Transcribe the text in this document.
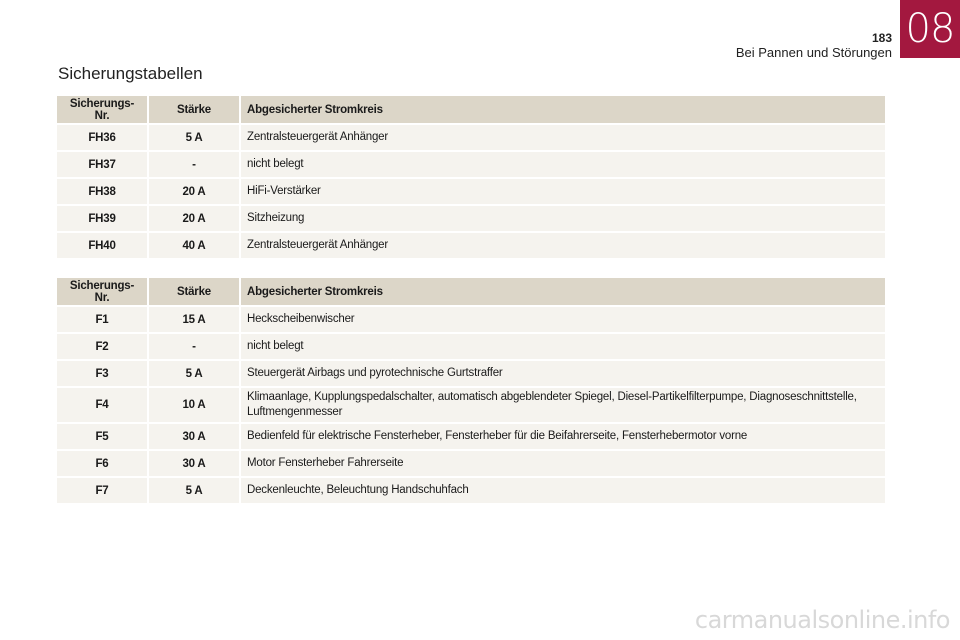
183
Bei Pannen und Störungen
08
Sicherungstabellen
Sicherungs-Nr.	Stärke	Abgesicherter Stromkreis
FH36	5 A	Zentralsteuergerät Anhänger
FH37	-	nicht belegt
FH38	20 A	HiFi-Verstärker
FH39	20 A	Sitzheizung
FH40	40 A	Zentralsteuergerät Anhänger
Sicherungs-Nr.	Stärke	Abgesicherter Stromkreis
F1	15 A	Heckscheibenwischer
F2	-	nicht belegt
F3	5 A	Steuergerät Airbags und pyrotechnische Gurtstraffer
F4	10 A	Klimaanlage, Kupplungspedalschalter, automatisch abgeblendeter Spiegel, Diesel-Partikelfilterpumpe, Diagnoseschnittstelle, Luftmengenmesser
F5	30 A	Bedienfeld für elektrische Fensterheber, Fensterheber für die Beifahrerseite, Fensterhebermotor vorne
F6	30 A	Motor Fensterheber Fahrerseite
F7	5 A	Deckenleuchte, Beleuchtung Handschuhfach
carmanualsonline.info
